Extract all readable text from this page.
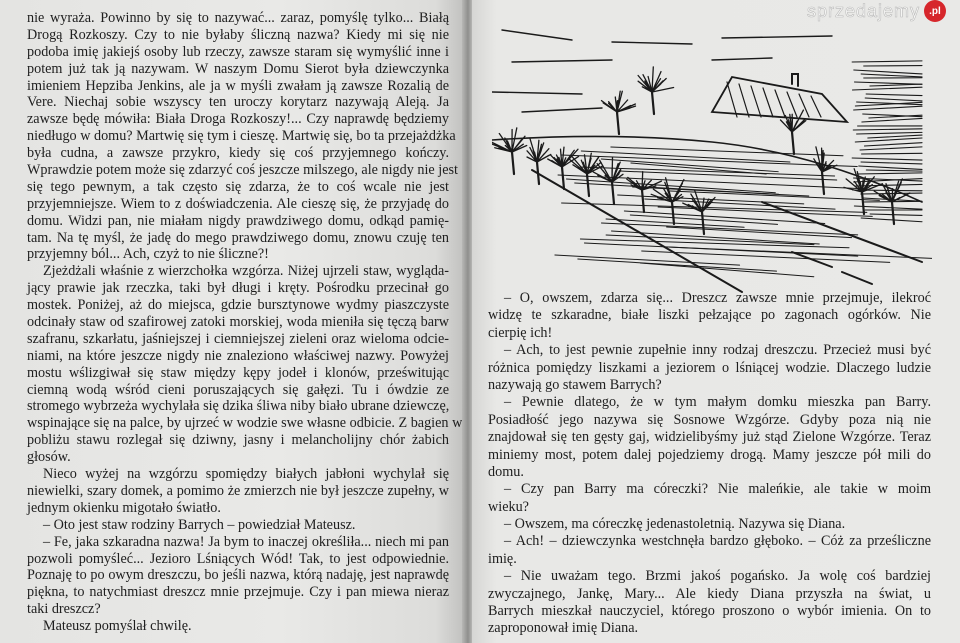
nie wyraża. Powinno by się to nazywać... zaraz, pomyślę tylko... Białą
Drogą Rozkoszy. Czy to nie byłaby śliczną nazwa? Kiedy mi się nie
podoba imię jakiejś osoby lub rzeczy, zawsze staram się wymyślić inne i
potem już tak ją nazywam. W naszym Domu Sierot była dziewczynka
imieniem Hepziba Jenkins, ale ja w myśli zwałam ją zawsze Rozalią de
Vere. Niechaj sobie wszyscy ten uroczy korytarz nazywają Aleją. Ja
zawsze będę mówiła: Biała Droga Rozkoszy!... Czy naprawdę będziemy
niedługo w domu? Martwię się tym i cieszę. Martwię się, bo ta przejażdżka
była cudna, a zawsze przykro, kiedy się coś przyjemnego kończy.
Wprawdzie potem może się zdarzyć coś jeszcze milszego, ale nigdy nie jest
się tego pewnym, a tak często się zdarza, że to coś wcale nie jest
przyjemniejsze. Wiem to z doświadczenia. Ale cieszę się, że przyjadę do
domu. Widzi pan, nie miałam nigdy prawdziwego domu, odkąd pamię-
tam. Na tę myśl, że jadę do mego prawdziwego domu, znowu czuję ten
przyjemny ból... Ach, czyż to nie śliczne?!
Zjeżdżali właśnie z wierzchołka wzgórza. Niżej ujrzeli staw, wygląda-
jący prawie jak rzeczka, taki był długi i kręty. Pośrodku przecinał go
mostek. Poniżej, aż do miejsca, gdzie bursztynowe wydmy piaszczyste
odcinały staw od szafirowej zatoki morskiej, woda mieniła się tęczą barw
szafranu, szkarłatu, jaśniejszej i ciemniejszej zieleni oraz wieloma odcie-
niami, na które jeszcze nigdy nie znaleziono właściwej nazwy. Powyżej
mostu wślizgiwał się staw między kępy jodeł i klonów, prześwitując
ciemną wodą wśród cieni poruszających się gałęzi. Tu i ówdzie ze
stromego wybrzeża wychylała się dzika śliwa niby biało ubrane dziewczę,
wspinające się na palce, by ujrzeć w wodzie swe własne odbicie. Z bagien w
pobliżu stawu rozlegał się dziwny, jasny i melancholijny chór żabich
głosów.
Nieco wyżej na wzgórzu spomiędzy białych jabłoni wychylał się
niewielki, szary domek, a pomimo że zmierzch nie był jeszcze zupełny, w
jednym okienku migotało światło.
– Oto jest staw rodziny Barrych – powiedział Mateusz.
– Fe, jaka szkaradna nazwa! Ja bym to inaczej określiła... niech mi pan
pozwoli pomyśleć... Jezioro Lśniących Wód! Tak, to jest odpowiednie.
Poznaję to po owym dreszczu, bo jeśli nazwa, którą nadaję, jest naprawdę
piękna, to natychmiast dreszcz mnie przejmuje. Czy i pan miewa nieraz
taki dreszcz?
Mateusz pomyślał chwilę.
– O, owszem, zdarza się... Dreszcz zawsze mnie przejmuje, ilekroć
widzę te szkaradne, białe liszki pełzające po zagonach ogórków. Nie
cierpię ich!
– Ach, to jest pewnie zupełnie inny rodzaj dreszczu. Przecież musi być
różnica pomiędzy liszkami a jeziorem o lśniącej wodzie. Dlaczego ludzie
nazywają go stawem Barrych?
– Pewnie dlatego, że w tym małym domku mieszka pan Barry.
Posiadłość jego nazywa się Sosnowe Wzgórze. Gdyby poza nią nie
znajdował się ten gęsty gaj, widzielibyśmy już stąd Zielone Wzgórze. Teraz
miniemy most, potem dalej pojedziemy drogą. Mamy jeszcze pół mili do
domu.
– Czy pan Barry ma córeczki? Nie maleńkie, ale takie w moim
wieku?
– Owszem, ma córeczkę jedenastoletnią. Nazywa się Diana.
– Ach! – dziewczynka westchnęła bardzo głęboko. – Cóż za prześliczne
imię.
– Nie uważam tego. Brzmi jakoś pogańsko. Ja wolę coś bardziej
zwyczajnego, Jankę, Mary... Ale kiedy Diana przyszła na świat, u
Barrych mieszkał nauczyciel, którego proszono o wybór imienia. On to
zaproponował imię Diana.
sprzedajemy .pl
